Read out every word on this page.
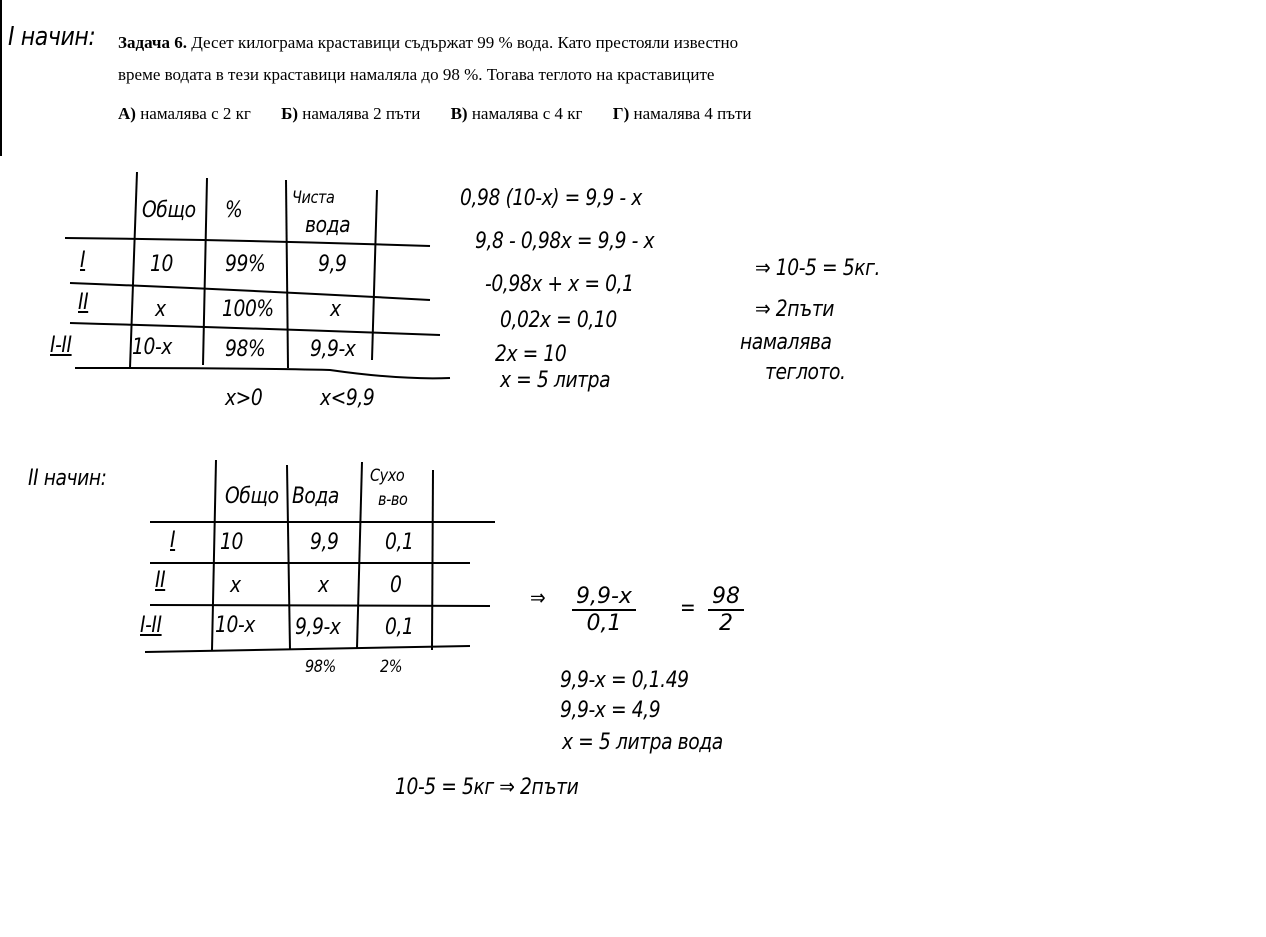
I начин: Задача 6. Десет килограма краставици съдържат 99 % вода. Като престояли известно
време водата в тези краставици намаляла до 98 %. Тогава теглото на краставиците
А) намалява с 2 кг Б) намалява 2 пъти В) намалява с 4 кг Г) намалява 4 пъти
Общо %	Чиста
вода
I	10 99% 9,9
II	x	100%	x
I-II	10-x 98% 9,9-x
x>0	x<9,9
0,98 (10-x) = 9,9 - x
9,8 - 0,98x = 9,9 - x
-0,98x + x = 0,1
0,02x = 0,10
2x = 10
x = 5 литра
⇒ 10-5 = 5кг.
⇒ 2пъти
намалява
теглото.
II начин:
Общо Вода
Сухо
в-во
I 10	9,9 0,1
II	x	x	0
I-II 10-x 9,9-x 0,1
98%	2%
⇒ $\frac{9,9-x}{0,1} = \frac{98}{2}$
9,9-x = 0,1.49
9,9-x = 4,9
x = 5 литра вода
10-5 = 5кг ⇒ 2пъти
